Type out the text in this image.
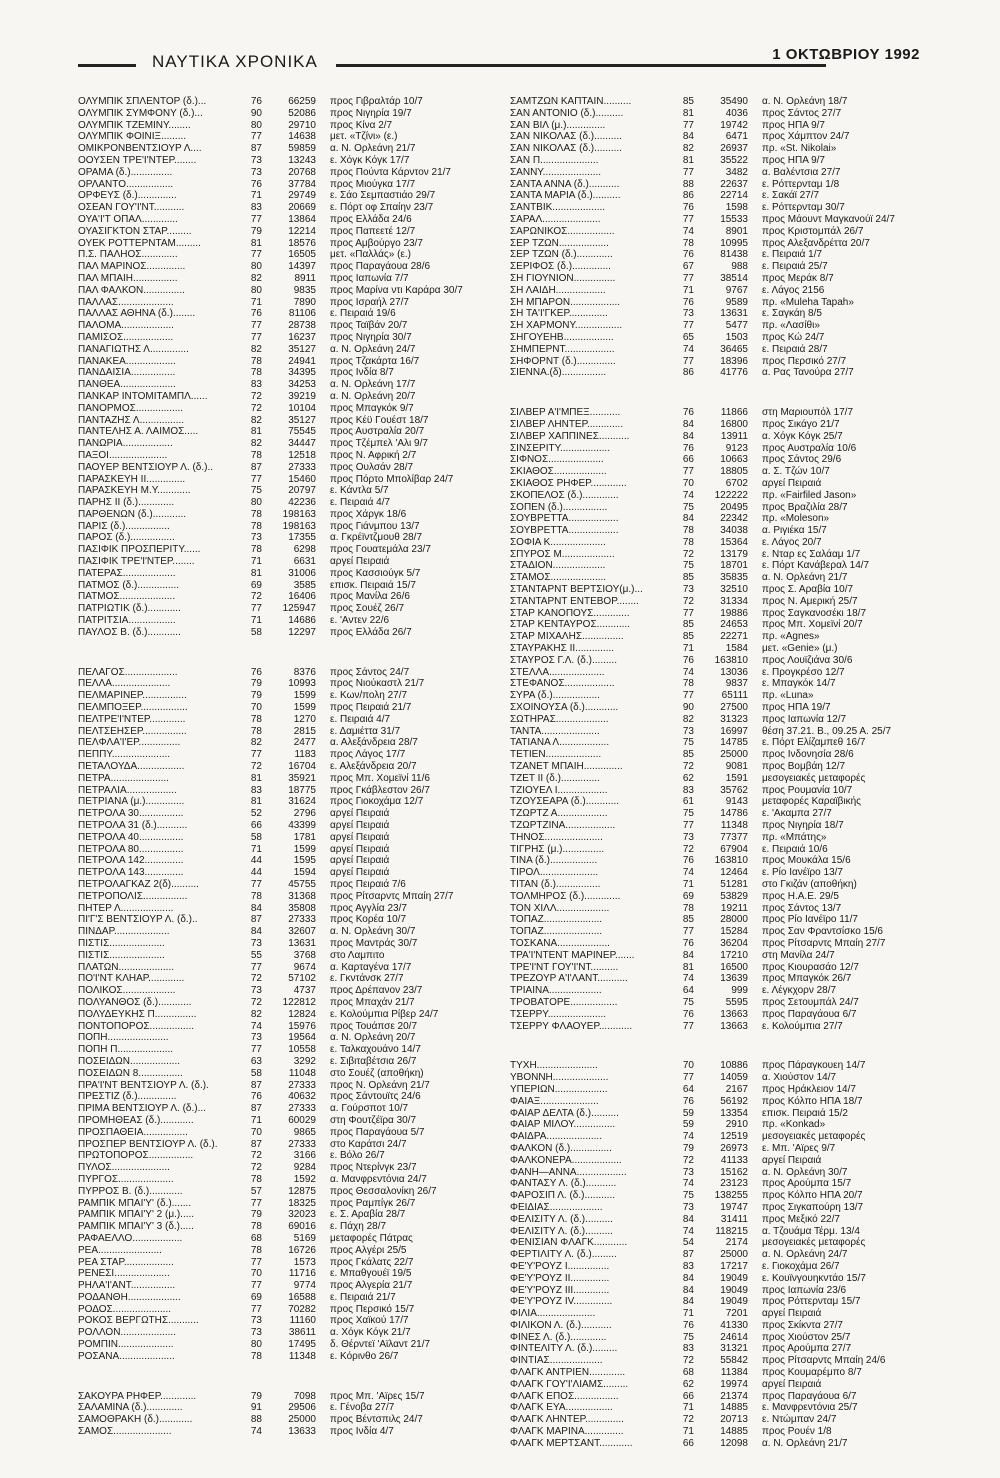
ΝΑΥΤΙΚΑ ΧΡΟΝΙΚΑ	1 ΟΚΤΩΒΡΙΟΥ 1992
ΟΛΥΜΠΙΚ ΣΠΛΕΝΤΟΡ (δ.)...	76	66259 προς Γιβραλτάρ 10/7
ΟΛΥΜΠΙΚ ΣΥΜΦΟΝΥ (δ.)...	90	52086 προς Νιγηρία 19/7
ΟΛΥΜΠΙΚ ΤΖΕΜΙΝΥ........	80	29710 προς Κίνα 2/7
ΟΛΥΜΠΙΚ ΦΟΙΝΙΞ.........	77	14638 μετ. «Τζίνι» (ε.)
ΟΜΙΚΡΟΝΒΕΝΤΣΙΟΥΡ Λ....	87	59859 α. Ν. Ορλεάνη 21/7
ΟΟΥΣΕΝ ΤΡΕ'Ι'ΝΤΕΡ........	73	13243 ε. Χόγκ Κόγκ 17/7
ΟΡΑΜΑ (δ.)...............	73	20768 προς Πούντα Κάρντον 21/7
ΟΡΛΑΝΤΟ.................	76	37784 προς Μιούγκα 17/7
ΟΡΦΕΥΣ (δ.)..............	71	29749 ε. Σάο Σεμπαστιάο 29/7
ΟΣΕΑΝ ΓΟΥ'Ι'ΝΤ...........	83	20669 ε. Πόρτ οφ Σπαίην 23/7
ΟΥΑ'Ι'Τ ΟΠΑΛ.............	77	13864 προς Ελλάδα 24/6
ΟΥΑΣΙΓΚΤΟΝ ΣΤΑΡ.........	79	12214 προς Παπεετέ 12/7
ΟΥΕΚ ΡΟΤΤΕΡΝΤΑΜ.........	81	18576 προς Αμβούργο 23/7
Π.Σ. ΠΑΛΗΟΣ.............	77	16505 μετ. «Παλλάς» (ε.)
ΠΑΛ ΜΑΡΙΝΟΣ..............	80	14397 προς Παραγάουα 28/6
ΠΑΛ ΜΠΑΙΗ................	82	8911 προς Ιαπωνία 7/7
ΠΑΛ ΦΑΛΚΟΝ...............	80	9835 προς Μαρίνα ντι Καράρα 30/7
ΠΑΛΛΑΣ....................	71	7890 προς Ισραήλ 27/7
ΠΑΛΛΑΣ ΑΘΗΝΑ (δ.)........	76	81106 ε. Πειραιά 19/6
ΠΑΛΟΜΑ...................	77	28738 προς Ταϊβάν 20/7
ΠΑΜΙΣΟΣ..................	77	16237 προς Νιγηρία 30/7
ΠΑΝΑΓΙΩΤΗΣ Λ..............	82	35127 α. Ν. Ορλεάνη 24/7
ΠΑΝΑΚΕΑ..................	78	24941 προς Τζακάρτα 16/7
ΠΑΝΔΑΙΣΙΑ................	78	34395 προς Ινδία 8/7
ΠΑΝΘΕΑ....................	83	34253 α. Ν. Ορλεάνη 17/7
ΠΑΝΚΑΡ ΙΝΤΟΜΙΤΑΜΠΛ......	72	39219 α. Ν. Ορλεάνη 20/7
ΠΑΝΟΡΜΟΣ.................	72	10104 προς Μπαγκόκ 9/7
ΠΑΝΤΑΖΗΣ Λ................	82	35127 προς Κέϋ Γουέστ 18/7
ΠΑΝΤΕΛΗΣ Α. ΛΑΙΜΟΣ.....	81	75545 προς Αυστραλία 20/7
ΠΑΝΩΡΙΑ..................	82	34447 προς Τζέμπελ 'Αλι 9/7
ΠΑΞΟΙ.....................	78	12518 προς Ν. Αφρική 2/7
ΠΑΟΥΕΡ ΒΕΝΤΣΙΟΥΡ Λ. (δ.)..	87	27333 προς Ουλσάν 28/7
ΠΑΡΑΣΚΕΥΗ ΙΙ..............	77	15460 προς Πόρτο Μπολίβαρ 24/7
ΠΑΡΑΣΚΕΥΗ Μ.Υ............	75	20797 ε. Κάντλα 5/7
ΠΑΡΗΣ ΙΙ (δ.).............	80	42236 ε. Πειραιά 4/7
ΠΑΡΘΕΝΩΝ (δ.)............	78	198163 προς Χάργκ 18/6
ΠΑΡΙΣ (δ.)................	78	198163 προς Γιάνμπου 13/7
ΠΑΡΟΣ (δ.)................	73	17355 α. Γκρέϊντζμουθ 28/7
ΠΑΣΙΦΙΚ ΠΡΟΣΠΕΡΙΤΥ......	78	6298 προς Γουατεμάλα 23/7
ΠΑΣΙΦΙΚ ΤΡΕ'Ι'ΝΤΕΡ........	71	6631 αργεί Πειραιά
ΠΑΤΕΡΑΣ...................	81	31006 προς Κασσιούγκ 5/7
ΠΑΤΜΟΣ (δ.)...............	69	3585 επισκ. Πειραιά 15/7
ΠΑΤΜΟΣ....................	72	16406 προς Μανίλα 26/6
ΠΑΤΡΙΩΤΙΚ (δ.)............	77	125947 προς Σουέζ 26/7
ΠΑΤΡΙΤΣΙΑ.................	71	14686 ε. 'Αντεν 22/6
ΠΑΥΛΟΣ Β. (δ.)............	58	12297 προς Ελλάδα 26/7
ΠΕΛΑΓΟΣ...................	76	8376 προς Σάντος 24/7
ΠΕΛΛΑ.....................	79	10993 προς Νιούκαστλ 21/7
ΠΕΛΜΑΡΙΝΕΡ................	79	1599 ε. Κων/πολη 27/7
ΠΕΛΜΠΟΞΕΡ.................	70	1599 προς Πειραιά 21/7
ΠΕΛΤΡΕ'Ι'ΝΤΕΡ.............	78	1270 ε. Πειραιά 4/7
ΠΕΛΤΣΕΗΣΕΡ................	78	2815 ε. Δαμιέττα 31/7
ΠΕΛΦΛΑ'Ι'ΕΡ...............	82	2477 α. Αλεξάνδρεια 28/7
ΠΕΠΠΥ.....................	77	1183 προς Λάγος 17/7
ΠΕΤΑΛΟΥΔΑ.................	72	16704 ε. Αλεξάνδρεια 20/7
ΠΕΤΡΑ.....................	81	35921 προς Μπ. Χομεϊνί 11/6
ΠΕΤΡΑΛΙΑ..................	83	18775 προς Γκάβλεστον 26/7
ΠΕΤΡΙΑΝΑ (μ.)..............	81	31624 προς Γιοκοχάμα 12/7
ΠΕΤΡΟΛΑ 30................	52	2796 αργεί Πειραιά
ΠΕΤΡΟΛΑ 31 (δ.)...........	66	43399 αργεί Πειραιά
ΠΕΤΡΟΛΑ 40................	58	1781 αργεί Πειραιά
ΠΕΤΡΟΛΑ 80................	71	1599 αργεί Πειραιά
ΠΕΤΡΟΛΑ 142..............	44	1595 αργεί Πειραιά
ΠΕΤΡΟΛΑ 143..............	44	1594 αργεί Πειραιά
ΠΕΤΡΟΛΑΓΚΑΖ 2(δ)..........	77	45755 προς Πειραιά 7/6
ΠΕΤΡΟΠΟΛΙΣ................	78	31368 προς Ρίτσαρντς Μπαίη 27/7
ΠΗΤΕΡ Λ...................	84	35808 προς Αγγλία 23/7
ΠΙ'Γ'Σ ΒΕΝΤΣΙΟΥΡ Λ. (δ.)..	87	27333 προς Κορέα 10/7
ΠΙΝΔΑΡ....................	84	32607 α. Ν. Ορλεάνη 30/7
ΠΙΣΤΙΣ....................	73	13631 προς Μαντράς 30/7
ΠΙΣΤΙΣ....................	55	3768 στο Λαμπιτο
ΠΛΑΤΩΝ....................	77	9674 α. Καρταγένα 17/7
ΠΟ'Ι'ΝΤ ΚΛΗΑΡ.............	72	57102 ε. Γκντάνσκ 27/7
ΠΟΛΙΚΟΣ...................	73	4737 προς Δρέπανον 23/7
ΠΟΛΥΑΝΘΟΣ (δ.)............	72	122812 προς Μπαχάν 21/7
ΠΟΛΥΔΕΥΚΗΣ Π...............	82	12824 ε. Κολούμπια Ρίβερ 24/7
ΠΟΝΤΟΠΟΡΟΣ................	74	15976 προς Τουάπσε 20/7
ΠΟΠΗ......................	73	19564 α. Ν. Ορλεάνη 20/7
ΠΟΠΗ Π....................	77	10558 ε. Ταλκαχουάνο 14/7
ΠΟΣΕΙΔΩΝ..................	63	3292 ε. Σιβιταβέτσια 26/7
ΠΟΣΕΙΔΩΝ 8................	58	11048 στο Σουέζ (αποθήκη)
ΠΡΑ'Ι'ΝΤ ΒΕΝΤΣΙΟΥΡ Λ. (δ.).	87	27333 προς Ν. Ορλεάνη 21/7
ΠΡΕΣΤΙΖ (δ.)..............	76	40632 προς Σάντουϊτς 24/6
ΠΡΙΜΑ ΒΕΝΤΣΙΟΥΡ Λ. (δ.)...	87	27333 α. Γούρσποτ 10/7
ΠΡΟΜΗΘΕΑΣ (δ.)............	71	60029 στη Φουτζέϊρα 30/7
ΠΡΟΣΠΑΘΕΙΑ................	70	9865 προς Παραγάουα 5/7
ΠΡΟΣΠΕΡ ΒΕΝΤΣΙΟΥΡ Λ. (δ.).	87	27333 στο Καράτσι 24/7
ΠΡΩΤΟΠΟΡΟΣ................	72	3166 ε. Βόλο 26/7
ΠΥΛΟΣ.....................	72	9284 προς Ντερίνγκ 23/7
ΠΥΡΓΟΣ....................	78	1592 α. Μανφρεντόνια 24/7
ΠΥΡΡΟΣ Β. (δ.)............	57	12875 προς Θεσσαλονίκη 26/7
ΡΑΜΠΙΚ ΜΠΑΙ'Υ' (δ.).......	77	18325 προς Ραμπίγκ 26/7
ΡΑΜΠΙΚ ΜΠΑΙ'Υ' 2 (μ.).....	79	32023 ε. Σ. Αραβία 28/7
ΡΑΜΠΙΚ ΜΠΑΙ'Υ' 3 (δ.).....	78	69016 ε. Πάχη 28/7
ΡΑΦΑΕΛΛΟ..................	68	5169 μεταφορές Πάτρας
ΡΕΑ.......................	78	16726 προς Αλγέρι 25/5
ΡΕΑ ΣΤΑΡ..................	77	1573 προς Γκάλατς 22/7
ΡΕΝΕΣΙ....................	70	11716 ε. Μπαθγουέϊ 19/5
ΡΗΛΑ'Ι'ΑΝΤ................	77	9774 προς Αλγερία 21/7
ΡΟΔΑΝΘΗ...................	69	16588 ε. Πειραιά 21/7
ΡΟΔΟΣ.....................	77	70282 προς Περσικό 15/7
ΡΟΚΟΣ ΒΕΡΓΩΤΗΣ...........	73	11160 προς Χαϊκού 17/7
ΡΟΛΛΟΝ....................	73	38611 α. Χόγκ Κόγκ 21/7
ΡΟΜΠΙΝ....................	80	17495 δ. Θέρντεϊ 'Αϊλαντ 21/7
ΡΟΣΑΝΑ....................	78	11348 ε. Κόρινθο 26/7
ΣΑΚΟΥΡΑ ΡΗΦΕΡ.............	79	7098 προς Μπ. 'Αϊρες 15/7
ΣΑΛΑΜΙΝΑ (δ.).............	91	29506 ε. Γένοβα 27/7
ΣΑΜΟΘΡΑΚΗ (δ.)............	88	25000 προς Βέντσπιλς 24/7
ΣΑΜΟΣ.....................	74	13633 προς Ινδία 4/7
ΣΑΜΤΖΩΝ ΚΑΠΤΑΙΝ..........	85	35490 α. Ν. Ορλεάνη 18/7
ΣΑΝ ΑΝΤΟΝΙΟ (δ.)..........	81	4036 προς Σάντος 27/7
ΣΑΝ ΒΙΛ (μ.)..............	77	19742 προς ΗΠΑ 9/7
ΣΑΝ ΝΙΚΟΛΑΣ (δ.)..........	84	6471 προς Χάμπτον 24/7
ΣΑΝ ΝΙΚΟΛΑΣ (δ.)..........	82	26937 πρ. «St. Nikolai»
ΣΑΝ Π.....................	81	35522 προς ΗΠΑ 9/7
ΣΑΝΝΥ.....................	77	3482 α. Βαλέντσια 27/7
ΣΑΝΤΑ ΑΝΝΑ (δ.)...........	88	22637 ε. Ρόττερνταμ 1/8
ΣΑΝΤΑ ΜΑΡΙΑ (δ.)..........	86	22714 ε. Σακάϊ 27/7
ΣΑΝΤΒΙΚ...................	76	1598 ε. Ρόττερνταμ 30/7
ΣΑΡΑΛ.....................	77	15533 προς Μάουντ Μαγκανούϊ 24/7
ΣΑΡΩΝΙΚΟΣ.................	74	8901 προς Κριστομπάλ 26/7
ΣΕΡ ΤΖΩΝ..................	78	10995 προς Αλεξανδρέττα 20/7
ΣΕΡ ΤΖΩΝ (δ.).............	76	81438 ε. Πειραιά 1/7
ΣΕΡΙΦΟΣ (δ.)..............	67	988 ε. Πειραιά 25/7
ΣΗ ΓΙΟΥΝΙΟΝ...............	77	38514 προς Μεράκ 8/7
ΣΗ ΛΑΙΔΗ..................	71	9767 ε. Λάγος 2156
ΣΗ ΜΠΑΡΟΝ..................	76	9589 πρ. «Muleha Tapah»
ΣΗ ΤΑ'Ι'ΓΚΕΡ..............	73	13631 ε. Σαγκάη 8/5
ΣΗ ΧΑΡΜΟΝΥ.................	77	5477 πρ. «Λασίθι»
ΣΗΓΟΥΕΗΒ..................	65	1503 προς Κώ 24/7
ΣΗΜΠΕΡΝΤ..................	74	36465 ε. Πειραιά 28/7
ΣΗΦΟΡΝΤ (δ.)..............	77	18396 προς Περσικό 27/7
ΣΙΕΝΝΑ.(δ)................	86	41776 α. Ρας Τανούρα 27/7
ΣΙΛΒΕΡ Α'Ι'ΜΠΕΞ...........	76	11866 στη Μαριουπόλ 17/7
ΣΙΛΒΕΡ ΛΗΝΤΕΡ.............	84	16800 προς Σικάγο 21/7
ΣΙΛΒΕΡ ΧΑΠΠΙΝΕΣ...........	84	13911 α. Χόγκ Κόγκ 25/7
ΣΙΝΣΕΡΙΤΥ..................	76	9123 προς Αυστραλία 10/6
ΣΙΦΝΟΣ....................	66	10663 προς Σάντος 29/6
ΣΚΙΑΘΟΣ...................	77	18805 α. Σ. Τζών 10/7
ΣΚΙΑΘΟΣ ΡΗΦΕΡ.............	70	6702 αργεί Πειραιά
ΣΚΟΠΕΛΟΣ (δ.).............	74	122222 πρ. «Fairfiled Jason»
ΣΟΠΕΝ (δ.)................	75	20495 προς Βραζιλία 28/7
ΣΟΥΒΡΕΤΤΑ..................	84	22342 πρ. «Moleson»
ΣΟΥΒΡΕΤΤΑ..................	78	34038 α. Ριγιέκα 15/7
ΣΟΦΙΑ Κ....................	78	15364 ε. Λάγος 20/7
ΣΠΥΡΟΣ Μ...................	72	13179 ε. Νταρ ες Σαλάαμ 1/7
ΣΤΑΔΙΟΝ...................	75	18701 ε. Πόρτ Κανάβεραλ 14/7
ΣΤΑΜΟΣ....................	85	35835 α. Ν. Ορλεάνη 21/7
ΣΤΑΝΤΑΡΝΤ ΒΕΡΤΣΙΟΥ(μ.)...	73	32510 προς Σ. Αραβία 10/7
ΣΤΑΝΤΑΡΝΤ ΕΝΤΕΒΟΡ........	72	31334 προς Ν. Αμερική 25/7
ΣΤΑΡ ΚΑΝΟΠΟΥΣ.............	77	19886 προς Σαγκανοσέκι 18/7
ΣΤΑΡ ΚΕΝΤΑΥΡΟΣ............	85	24653 προς Μπ. Χομεϊνί 20/7
ΣΤΑΡ ΜΙΧΑΛΗΣ...............	85	22271 πρ. «Agnes»
ΣΤΑΥΡΑΚΗΣ ΙΙ..............	71	1584 μετ. «Genie» (μ.)
ΣΤΑΥΡΟΣ Γ.Λ. (δ.).........	76	163810 προς Λουϊζιάνα 30/6
ΣΤΕΛΛΑ....................	74	13036 ε. Προγκρέσο 12/7
ΣΤΕΦΑΝΟΣ..................	78	9837 ε. Μπαγκόκ 14/7
ΣΥΡΑ (δ.).................	77	65111 πρ. «Luna»
ΣΧΟΙΝΟΥΣΑ (δ.)............	90	27500 προς ΗΠΑ 19/7
ΣΩΤΗΡΑΣ...................	82	31323 προς Ιαπωνία 12/7
ΤΑΝΤΑ.....................	73	16997 θέση 37.21. Β., 09.25 Α. 25/7
ΤΑΤΙΑΝΑ Λ..................	75	14785 ε. Πόρτ Ελίζαμπεθ 16/7
ΤΕΤΙΕΝ....................	85	25000 προς Ινδονησία 28/6
ΤΖΑΝΕΤ ΜΠΑΙΗ..............	72	9081 προς Βομβάη 12/7
ΤΖΕΤ ΙΙ (δ.)..............	62	1591 μεσογειακές μεταφορές
ΤΖΙΟΥΕΛ Ι..................	83	35762 προς Ρουμανία 10/7
ΤΖΟΥΣΕΑΡΑ (δ.)............	61	9143 μεταφορές Καραϊβικής
ΤΖΩΡΤΖ Α..................	75	14786 ε. 'Ακαμπα 27/7
ΤΖΩΡΤΖΙΝΑ..................	77	11348 προς Νιγηρία 18/7
ΤΗΝΟΣ.....................	73	77377 πρ. «Μπάτης»
ΤΙΓΡΗΣ (μ.)...............	72	67904 ε. Πειραιά 10/6
ΤΙΝΑ (δ.).................	76	163810 προς Μουκάλα 15/6
ΤΙΡΟΛ.....................	74	12464 ε. Ρίο Ιανέϊρο 13/7
ΤΙΤΑΝ (δ.)................	71	51281 στο Γκιζάν (αποθήκη)
ΤΟΛΜΗΡΟΣ (δ.).............	69	53829 προς Η.Α.Ε. 29/5
ΤΟΝ ΧΙΛΛ...................	78	19211 προς Σάντος 13/7
ΤΟΠΑΖ.....................	85	28000 προς Ρίο Ιανέϊρο 11/7
ΤΟΠΑΖ.....................	77	15284 προς Σαν Φραντσίσκο 15/6
ΤΟΣΚΑΝΑ...................	76	36204 προς Ρίτσαρντς Μπαίη 27/7
ΤΡΑ'Ι'ΝΤΕΝΤ ΜΑΡΙΝΕΡ.......	84	17210 στη Μανίλα 24/7
ΤΡΕ'Ι'ΝΤ ΓΟΥ'Ι'ΝΤ..........	81	16500 προς Κιουρασάο 12/7
ΤΡΕΖΟΥΡ Α'Ι'ΛΑΝΤ...........	74	13639 προς Μπαγκόκ 26/7
ΤΡΙΑΙΝΑ...................	64	999 ε. Λέγκχορν 28/7
ΤΡΟΒΑΤΟΡΕ.................	75	5595 προς Σετουμπάλ 24/7
ΤΣΕΡΡΥ.....................	76	13663 προς Παραγάουα 6/7
ΤΣΕΡΡΥ ΦΛΑΟΥΕΡ............	77	13663 ε. Κολούμπια 27/7
ΤΥΧΗ......................	70	10886 προς Πάραγκουεη 14/7
ΥΒΟΝΝΗ....................	77	14059 α. Χιούστον 14/7
ΥΠΕΡΙΩΝ...................	64	2167 προς Ηράκλειον 14/7
ΦΑΙΑΞ.....................	76	56192 προς Κόλπο ΗΠΑ 18/7
ΦΑΙΑΡ ΔΕΛΤΑ (δ.)..........	59	13354 επισκ. Πειραιά 15/2
ΦΑΙΑΡ ΜΙΛΟΥ...............	59	2910 πρ. «Konkad»
ΦΑΙΔΡΑ....................	74	12519 μεσογειακές μεταφορές
ΦΑΛΚΟΝ (δ.)...............	79	26973 ε. Μπ. 'Αϊρες 9/7
ΦΑΛΚΟΝΕΡΑ..................	72	41133 αργεί Πειραιά
ΦΑΝΗ—ΑΝΝΑ..................	73	15162 α. Ν. Ορλεάνη 30/7
ΦΑΝΤΑΣΥ Λ. (δ.)...........	74	23123 προς Αρούμπα 15/7
ΦΑΡΟΣΙΠ Λ. (δ.)...........	75	138255 προς Κόλπο ΗΠΑ 20/7
ΦΕΙΔΙΑΣ...................	73	19747 προς Σιγκαπούρη 13/7
ΦΕΛΙΣΙΤΥ Λ. (δ.)..........	84	31411 προς Μεξικό 22/7
ΦΕΛΙΣΙΤΥ Λ. (δ.)..........	74	118215 α. Τζουάμα Τέρμ. 13/4
ΦΕΝΙΣΙΑΝ ΦΛΑΓΚ............	54	2174 μεσογειακές μεταφορές
ΦΕΡΤΙΛΙΤΥ Λ. (δ.).........	87	25000 α. Ν. Ορλεάνη 24/7
ΦΕ'Υ'ΡΟΥΖ Ι...............	83	17217 ε. Γιοκοχάμα 26/7
ΦΕ'Υ'ΡΟΥΖ ΙΙ..............	84	19049 ε. Κουϊνγουηκντάο 15/7
ΦΕ'Υ'ΡΟΥΖ ΙΙΙ.............	84	19049 προς Ιαπωνία 23/6
ΦΕ'Υ'ΡΟΥΖ ΙV..............	84	19049 προς Ρόττερνταμ 15/7
ΦΙΛΙΑ.....................	71	7201 αργεί Πειραιά
ΦΙΛΙΚΟΝ Λ. (δ.)...........	76	41330 προς Σκίκντα 27/7
ΦΙΝΕΣ Λ. (δ.).............	75	24614 προς Χιούστον 25/7
ΦΙΝΤΕΛΙΤΥ Λ. (δ.).........	83	31321 προς Αρούμπα 27/7
ΦΙΝΤΙΑΣ...................	72	55842 προς Ρίτσαρντς Μπαίη 24/6
ΦΛΑΓΚ ΑΝΤΡΙΕΝ.............	68	11384 προς Κουμαρέμπο 8/7
ΦΛΑΓΚ ΓΟΥ'Ι'ΛΙΑΜΣ.........	62	19974 αργεί Πειραιά
ΦΛΑΓΚ ΕΠΟΣ................	66	21374 προς Παραγάουα 6/7
ΦΛΑΓΚ ΕΥΑ.................	71	14885 ε. Μανφρεντόνια 25/7
ΦΛΑΓΚ ΛΗΝΤΕΡ..............	72	20713 ε. Ντώμπαν 24/7
ΦΛΑΓΚ ΜΑΡΙΝΑ..............	71	14885 προς Ρουέν 1/8
ΦΛΑΓΚ ΜΕΡΤΣΑΝΤ............	66	12098 α. Ν. Ορλεάνη 21/7
